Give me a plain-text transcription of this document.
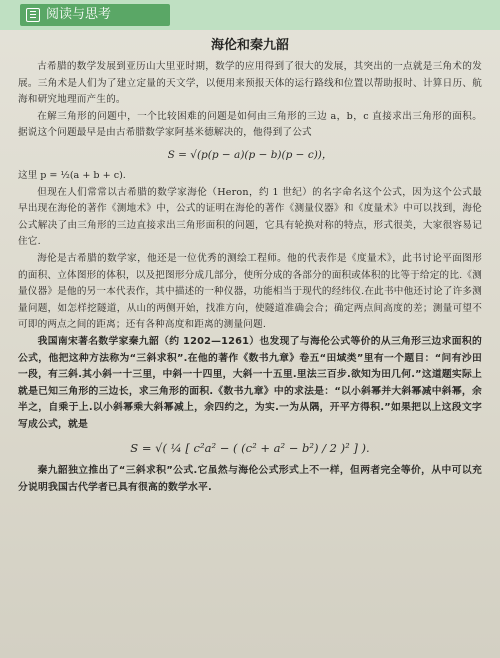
阅读与思考
海伦和秦九韶

古希腊的数学发展到亚历山大里亚时期，数学的应用得到了很大的发展，其突出的一点就是三角术的发展。三角术是人们为了建立定量的天文学，以便用来预报天体的运行路线和位置以帮助报时、计算日历、航海和研究地理而产生的。

在解三角形的问题中，一个比较困难的问题是如何由三角形的三边 a，b，c 直接求出三角形的面积。据说这个问题最早是由古希腊数学家阿基米德解决的，他得到了公式

S = √(p(p − a)(p − b)(p − c))，

这里 p = ½(a + b + c).

但现在人们常常以古希腊的数学家海伦（Heron，约 1 世纪）的名字命名这个公式，因为这个公式最早出现在海伦的著作《测地术》中，公式的证明在海伦的著作《测量仪器》和《度量术》中可以找到，海伦公式解决了由三角形的三边直接求出三角形面积的问题，它具有轮换对称的特点，形式很美，大家很容易记住它.

海伦是古希腊的数学家，他还是一位优秀的测绘工程师。他的代表作是《度量术》，此书讨论平面图形的面积、立体图形的体积，以及把图形分成几部分，使所分成的各部分的面积或体积的比等于给定的比.《测量仪器》是他的另一本代表作，其中描述的一种仪器，功能相当于现代的经纬仪.在此书中他还讨论了许多测量问题，如怎样挖隧道，从山的两侧开始，找准方向，使隧道准确会合；确定两点间高度的差；测量可望不可即的两点之间的距离；还有各种高度和距离的测量问题.

我国南宋著名数学家秦九韶（约 1202—1261）也发现了与海伦公式等价的从三角形三边求面积的公式，他把这种方法称为“三斜求积”.在他的著作《数书九章》卷五“田域类”里有一个题目：“问有沙田一段，有三斜.其小斜一十三里，中斜一十四里，大斜一十五里.里法三百步.欲知为田几何.”这道题实际上就是已知三角形的三边长，求三角形的面积.《数书九章》中的求法是：“以小斜幂并大斜幂减中斜幂，余半之，自乘于上.以小斜幂乘大斜幂减上，余四约之，为实.一为从隅，开平方得积.”如果把以上这段文字写成公式，就是

S = √( ¼ [ c²a² − ( (c² + a² − b²) / 2 )² ] ).

秦九韶独立推出了“三斜求积”公式.它虽然与海伦公式形式上不一样，但两者完全等价，从中可以充分说明我国古代学者已具有很高的数学水平.
